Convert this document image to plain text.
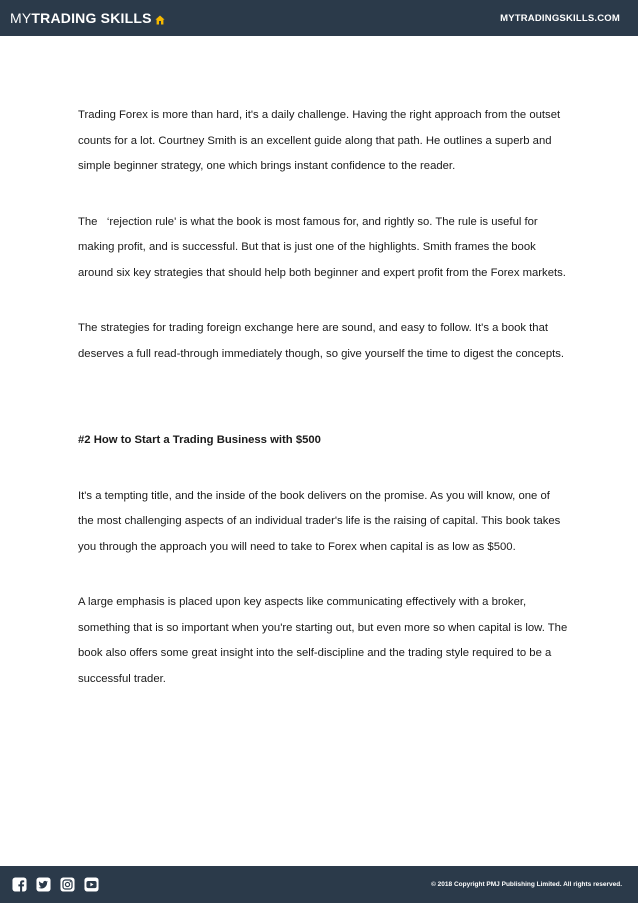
MY TRADING SKILLS	MYTRADINGSKILLS.COM

Trading Forex is more than hard, it's a daily challenge. Having the right approach from the outset counts for a lot. Courtney Smith is an excellent guide along that path. He outlines a superb and simple beginner strategy, one which brings instant confidence to the reader.

The   ‘rejection rule' is what the book is most famous for, and rightly so. The rule is useful for making profit, and is successful. But that is just one of the highlights. Smith frames the book around six key strategies that should help both beginner and expert profit from the Forex markets.

The strategies for trading foreign exchange here are sound, and easy to follow. It's a book that deserves a full read-through immediately though, so give yourself the time to digest the concepts.

#2 How to Start a Trading Business with $500

It's a tempting title, and the inside of the book delivers on the promise. As you will know, one of the most challenging aspects of an individual trader's life is the raising of capital. This book takes you through the approach you will need to take to Forex when capital is as low as $500.

A large emphasis is placed upon key aspects like communicating effectively with a broker, something that is so important when you're starting out, but even more so when capital is low. The book also offers some great insight into the self-discipline and the trading style required to be a successful trader.

© 2018 Copyright PMJ Publishing Limited. All rights reserved.
